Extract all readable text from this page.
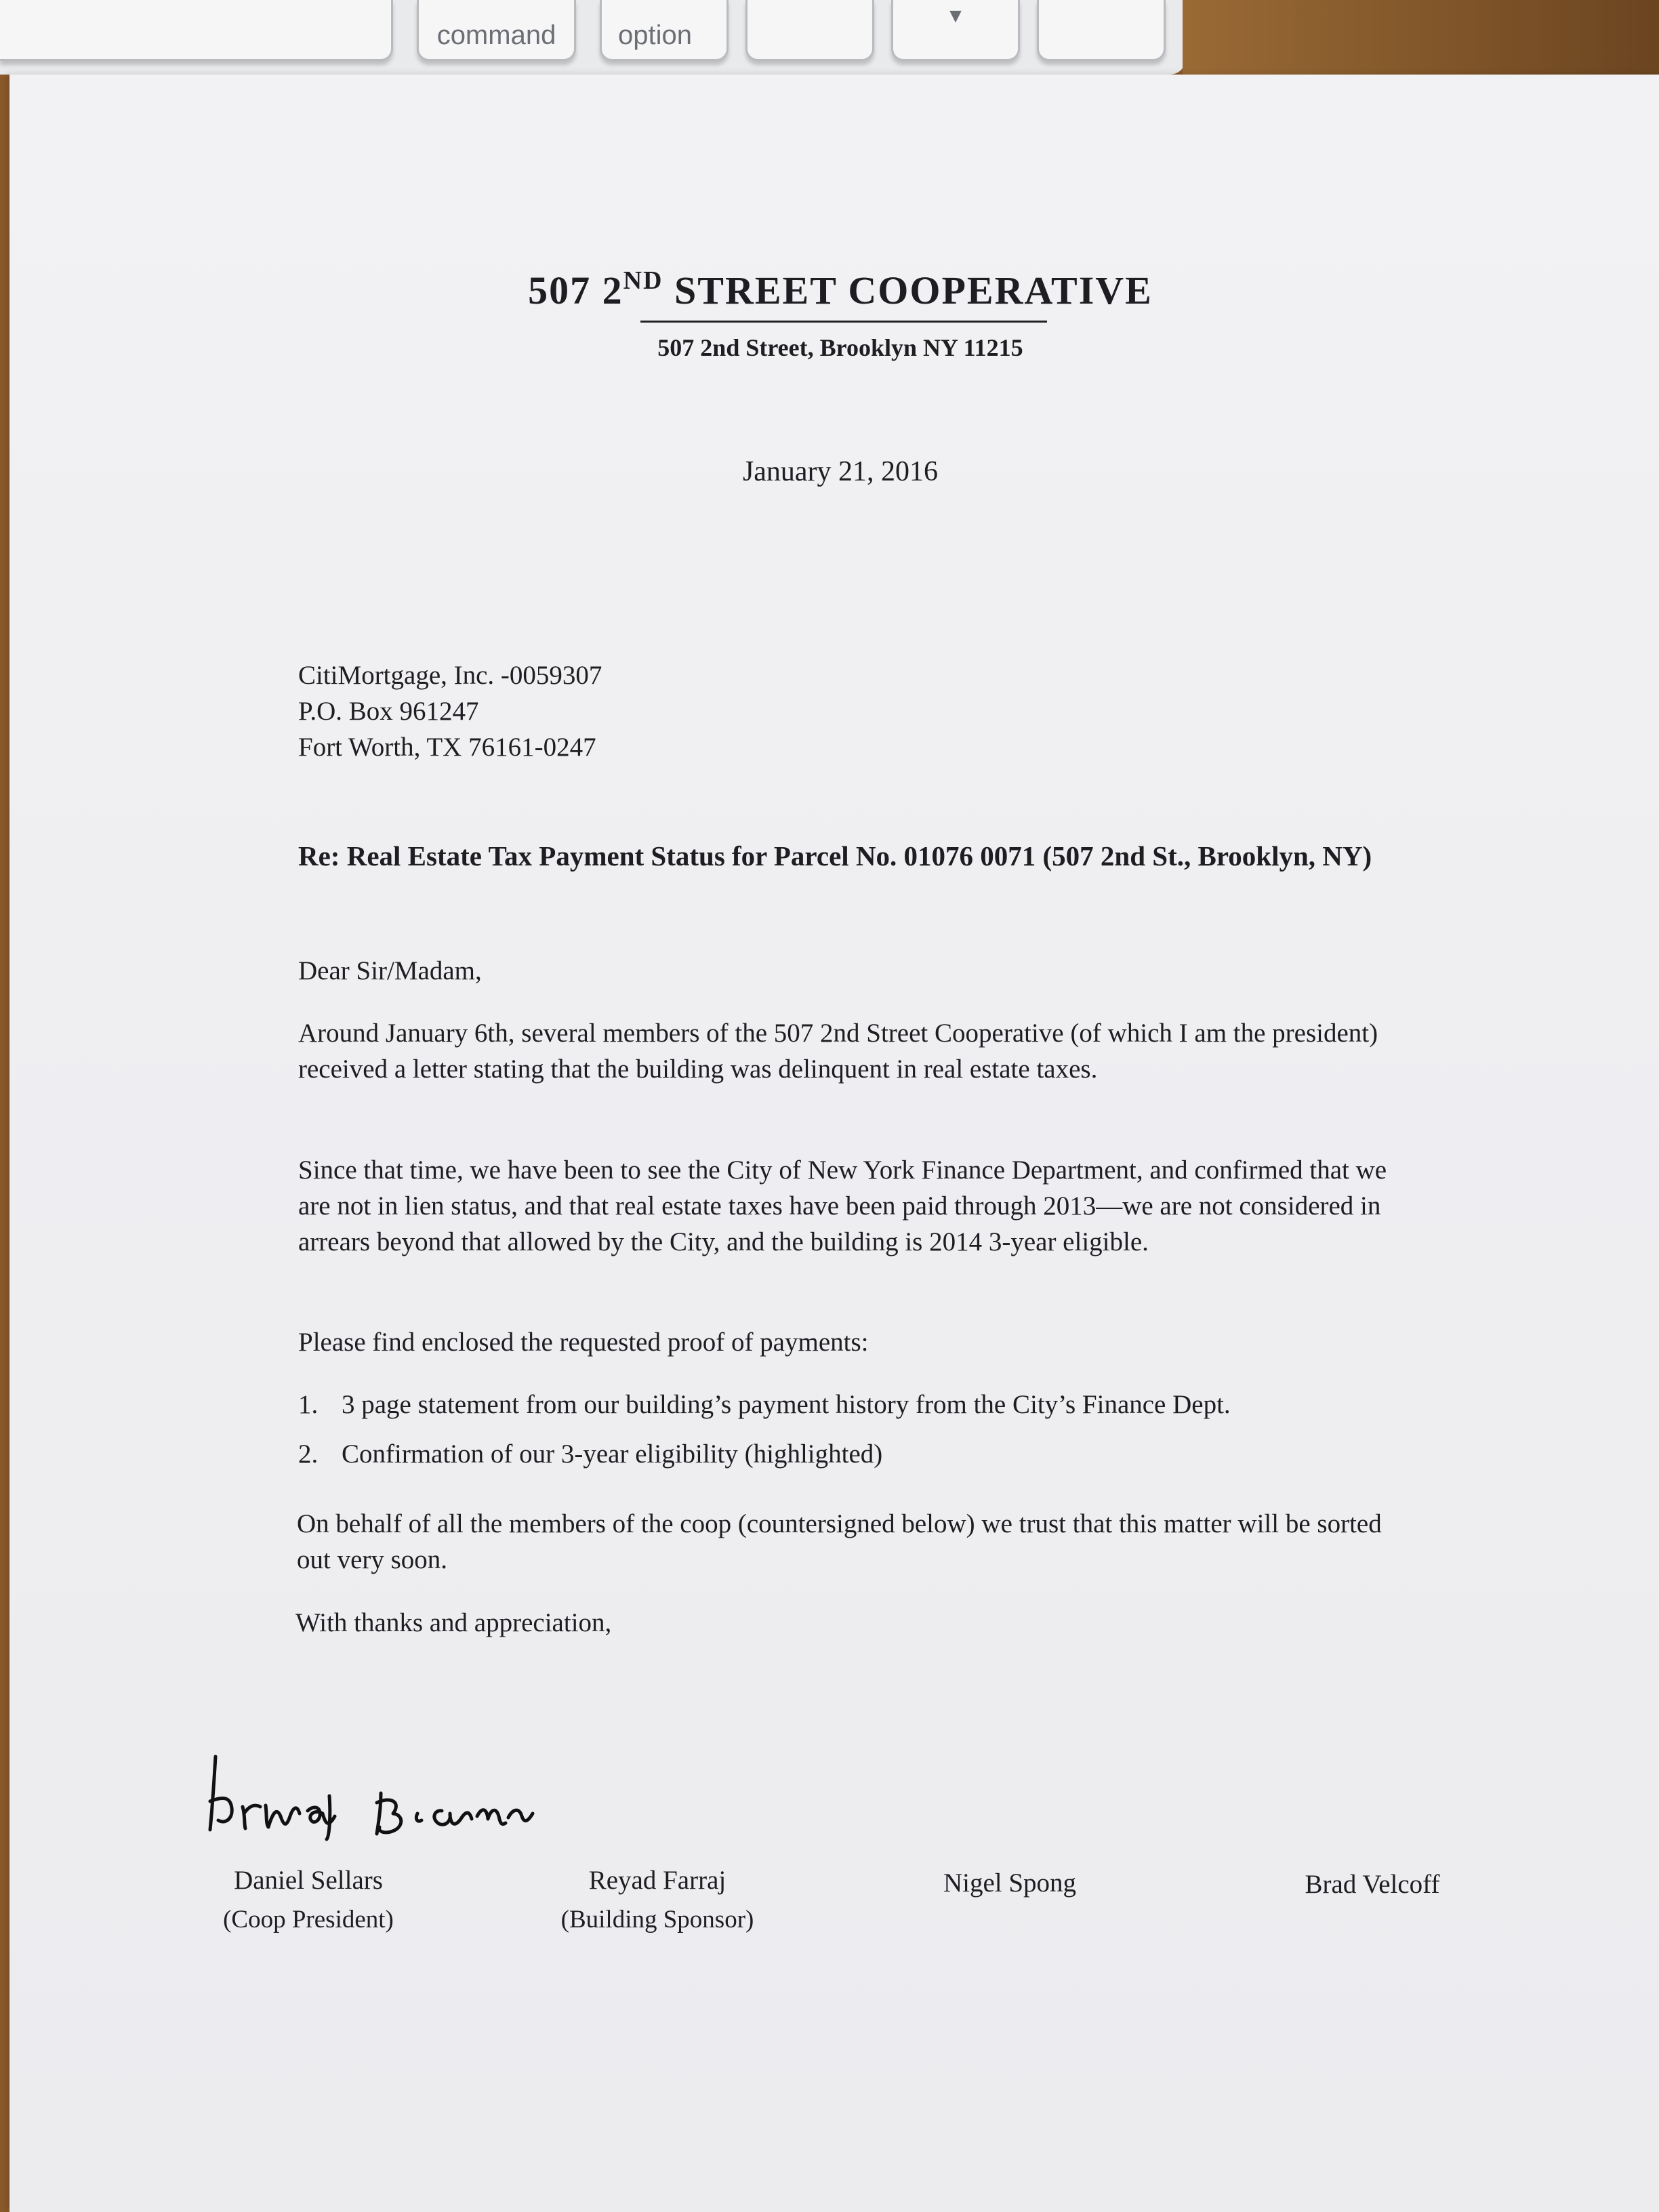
command	option
▼
507 2ND STREET COOPERATIVE
507 2nd Street, Brooklyn NY 11215
January 21, 2016
CitiMortgage, Inc. -0059307
P.O. Box 961247
Fort Worth, TX 76161-0247
Re: Real Estate Tax Payment Status for Parcel No. 01076 0071 (507 2nd St., Brooklyn, NY)
Dear Sir/Madam,
Around January 6th, several members of the 507 2nd Street Cooperative (of which I am the president) received a letter stating that the building was delinquent in real estate taxes.
Since that time, we have been to see the City of New York Finance Department, and confirmed that we are not in lien status, and that real estate taxes have been paid through 2013—we are not considered in arrears beyond that allowed by the City, and the building is 2014 3-year eligible.
Please find enclosed the requested proof of payments:
1. 3 page statement from our building’s payment history from the City’s Finance Dept.
2. Confirmation of our 3-year eligibility (highlighted)
On behalf of all the members of the coop (countersigned below) we trust that this matter will be sorted out very soon.
With thanks and appreciation,
Daniel Sellars
(Coop President)
Reyad Farraj
(Building Sponsor)
Nigel Spong	Brad Velcoff
